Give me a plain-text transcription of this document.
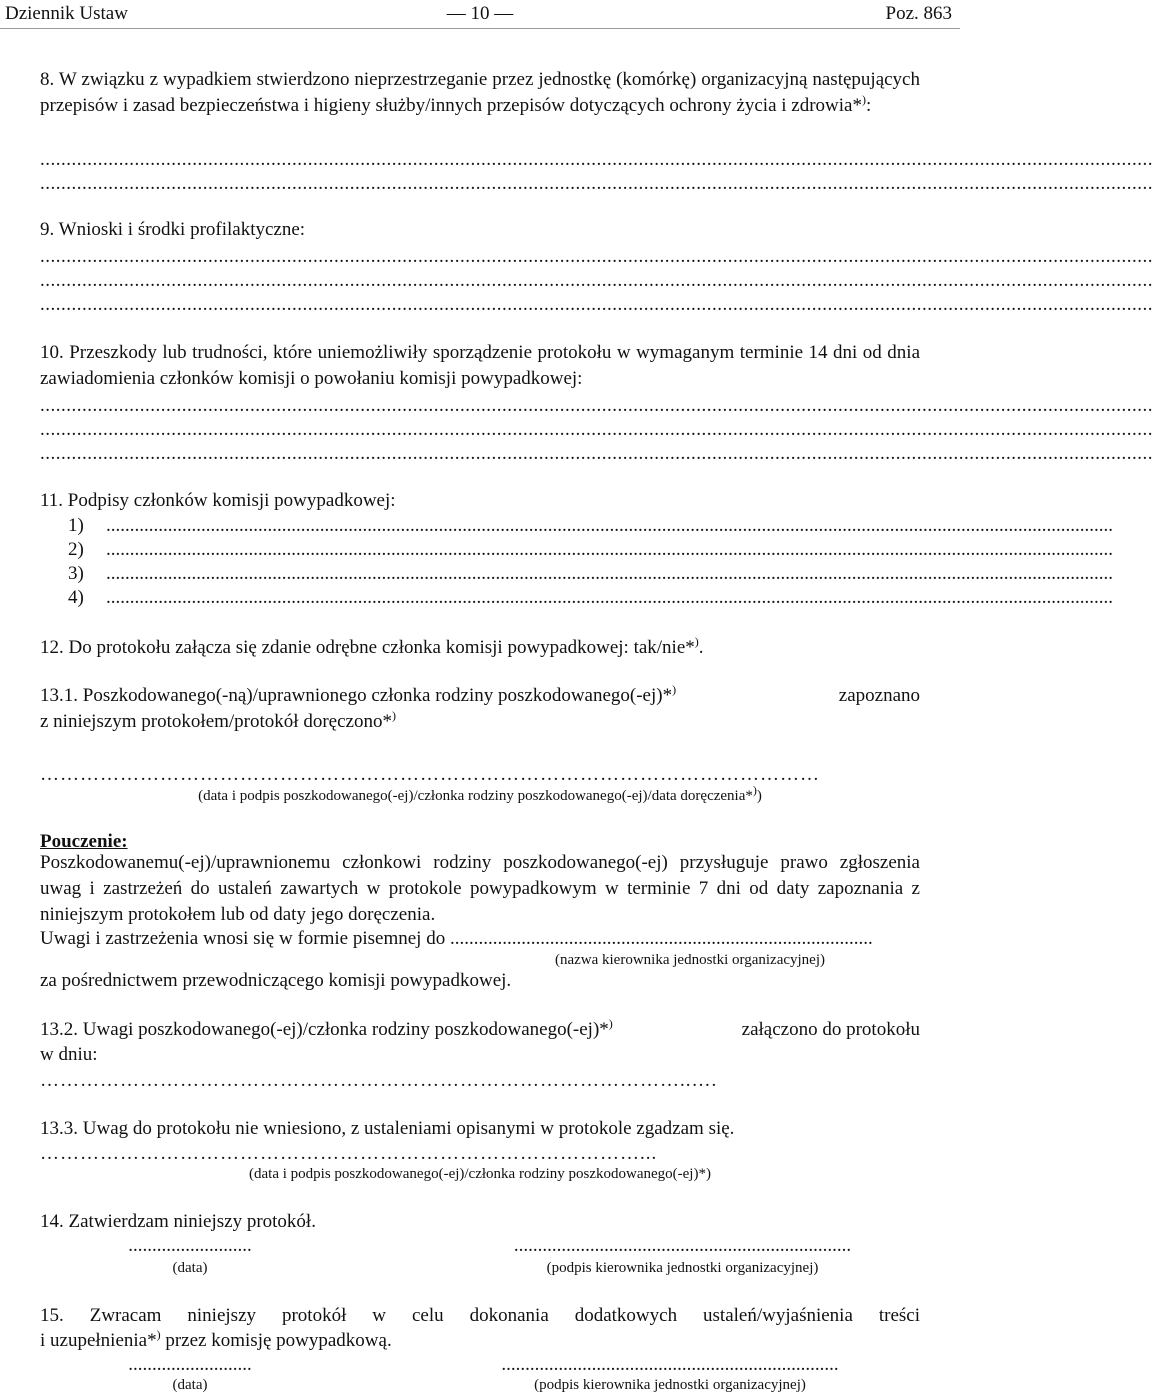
Dziennik Ustaw	— 10 —	Poz. 863
8. W związku z wypadkiem stwierdzono nieprzestrzeganie przez jednostkę (komórkę) organizacyjną następujących przepisów i zasad bezpieczeństwa i higieny służby/innych przepisów dotyczących ochrony życia i zdrowia*):
....................................................................................................................................................................................................................
....................................................................................................................................................................................................................
9. Wnioski i środki profilaktyczne:
....................................................................................................................................................................................................................
....................................................................................................................................................................................................................
....................................................................................................................................................................................................................
10. Przeszkody lub trudności, które uniemożliwiły sporządzenie protokołu w wymaganym terminie 14 dni od dnia zawiadomienia członków komisji o powołaniu komisji powypadkowej:
....................................................................................................................................................................................................................
....................................................................................................................................................................................................................
....................................................................................................................................................................................................................
11. Podpisy członków komisji powypadkowej:
1) ....................................................................................................................................................................................................................
2) ....................................................................................................................................................................................................................
3) ....................................................................................................................................................................................................................
4) ....................................................................................................................................................................................................................
12. Do protokołu załącza się zdanie odrębne członka komisji powypadkowej: tak/nie*).
13.1. Poszkodowanego(-ną)/uprawnionego członka rodziny poszkodowanego(-ej)*)	zapoznano
z niniejszym protokołem/protokół doręczono*)
………………………………………………………………………………………………………
(data i podpis poszkodowanego(-ej)/członka rodziny poszkodowanego(-ej)/data doręczenia*))
Pouczenie:
Poszkodowanemu(-ej)/uprawnionemu członkowi rodziny poszkodowanego(-ej) przysługuje prawo zgłoszenia uwag i zastrzeżeń do ustaleń zawartych w protokole powypadkowym w terminie 7 dni od daty zapoznania z niniejszym protokołem lub od daty jego doręczenia.
Uwagi i zastrzeżenia wnosi się w formie pisemnej do .........................................................................................
(nazwa kierownika jednostki organizacyjnej)
za pośrednictwem przewodniczącego komisji powypadkowej.
13.2. Uwagi poszkodowanego(-ej)/członka rodziny poszkodowanego(-ej)*)	załączono do protokołu
w dniu:
……………………………………………………………………………………..….
13.3. Uwag do protokołu nie wniesiono, z ustaleniami opisanymi w protokole zgadzam się.
………………………………………………………………………………...
(data i podpis poszkodowanego(-ej)/członka rodziny poszkodowanego(-ej)*)
14. Zatwierdzam niniejszy protokół.
..........................	.......................................................................
(data)	(podpis kierownika jednostki organizacyjnej)
15. Zwracam niniejszy protokół w celu dokonania dodatkowych ustaleń/wyjaśnienia treści
i uzupełnienia*) przez komisję powypadkową.
..........................	.......................................................................
(data)	(podpis kierownika jednostki organizacyjnej)
